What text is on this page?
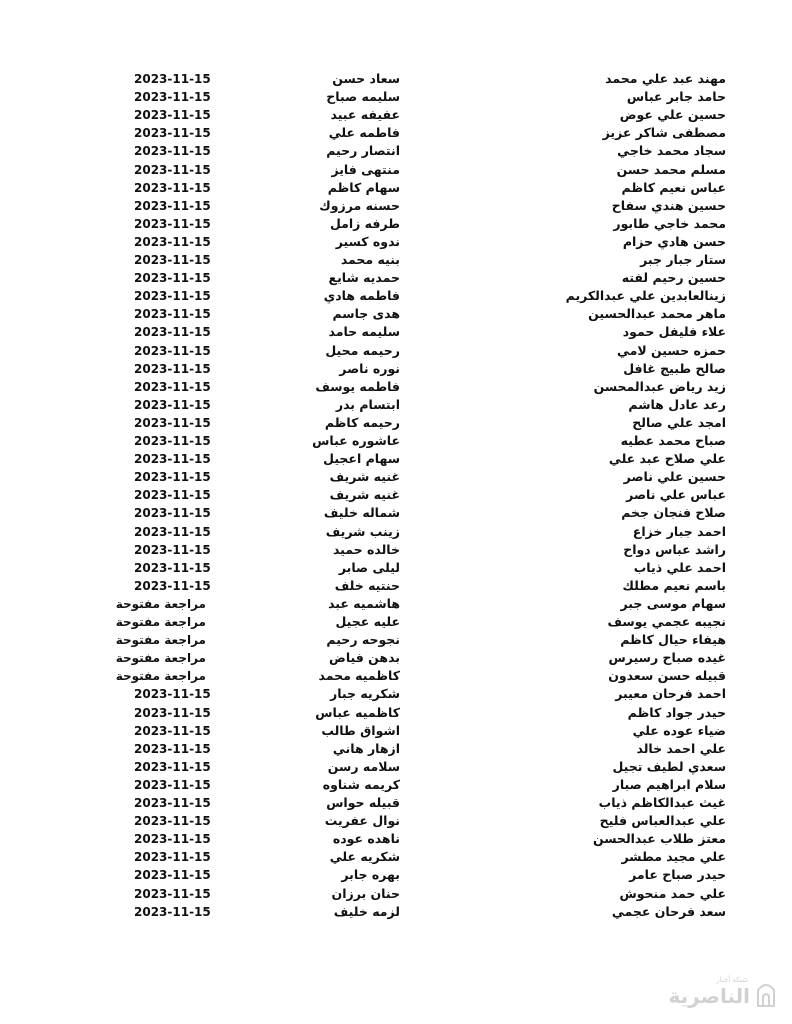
مهند عبد علي محمد
سعاد حسن
2023-11-15
حامد جابر عباس
سليمه صباح
2023-11-15
حسين علي عوض
عفيفه عبيد
2023-11-15
مصطفى شاكر عزيز
فاطمه علي
2023-11-15
سجاد محمد خاجي
انتصار رحيم
2023-11-15
مسلم محمد حسن
منتهى فايز
2023-11-15
عباس نعيم كاظم
سهام كاظم
2023-11-15
حسين هندي سفاح
حسنه مرزوك
2023-11-15
محمد خاجي طابور
طرفه زامل
2023-11-15
حسن هادي حزام
ندوه كسير
2023-11-15
ستار جبار جبر
بنيه محمد
2023-11-15
حسين رحيم لفته
حمديه شايع
2023-11-15
زينالعابدين علي عبدالكريم
فاطمه هادي
2023-11-15
ماهر محمد عبدالحسين
هدى جاسم
2023-11-15
علاء فليفل حمود
سليمه حامد
2023-11-15
حمزه حسين لامي
رحيمه محيل
2023-11-15
صالح طبيج غافل
نوره ناصر
2023-11-15
زيد رياض عبدالمحسن
فاطمه يوسف
2023-11-15
رعد عادل هاشم
ابتسام بدر
2023-11-15
امجد علي صالح
رحيمه كاظم
2023-11-15
صباح محمد عطيه
عاشوره عباس
2023-11-15
علي صلاح عبد علي
سهام اعجيل
2023-11-15
حسين علي ناصر
غنيه شريف
2023-11-15
عباس علي ناصر
غنيه شريف
2023-11-15
صلاح فنجان جخم
شماله خليف
2023-11-15
احمد جبار خزاع
زينب شريف
2023-11-15
راشد عباس دواح
خالده حميد
2023-11-15
احمد علي ذياب
ليلى صابر
2023-11-15
باسم نعيم مطلك
حنتيه خلف
2023-11-15
سهام موسى جبر
هاشميه عبد
مراجعة مفتوحة
نجيبه عجمي يوسف
عليه عجيل
مراجعة مفتوحة
هيفاء حيال كاظم
نجوحه رحيم
مراجعة مفتوحة
غيده صباح رسيرس
بدهن فياض
مراجعة مفتوحة
قبيله حسن سعدون
كاظميه محمد
مراجعة مفتوحة
احمد فرحان معيبر
شكريه جبار
2023-11-15
حيدر جواد كاظم
كاظميه عباس
2023-11-15
ضياء عوده علي
اشواق طالب
2023-11-15
علي احمد خالد
ازهار هاني
2023-11-15
سعدي لطيف تجيل
سلامه رسن
2023-11-15
سلام ابراهيم صبار
كريمه شناوه
2023-11-15
غيث عبدالكاظم ذياب
قبيله حواس
2023-11-15
علي عبدالعباس فليح
نوال عفريت
2023-11-15
معتز طلاب عبدالحسن
ناهده عوده
2023-11-15
علي مجيد مطشر
شكريه علي
2023-11-15
حيدر صباح عامر
بهره جابر
2023-11-15
علي حمد منحوش
حنان برزان
2023-11-15
سعد فرحان عجمي
لزمه خليف
2023-11-15
شبكة أخبار
الناصرية
